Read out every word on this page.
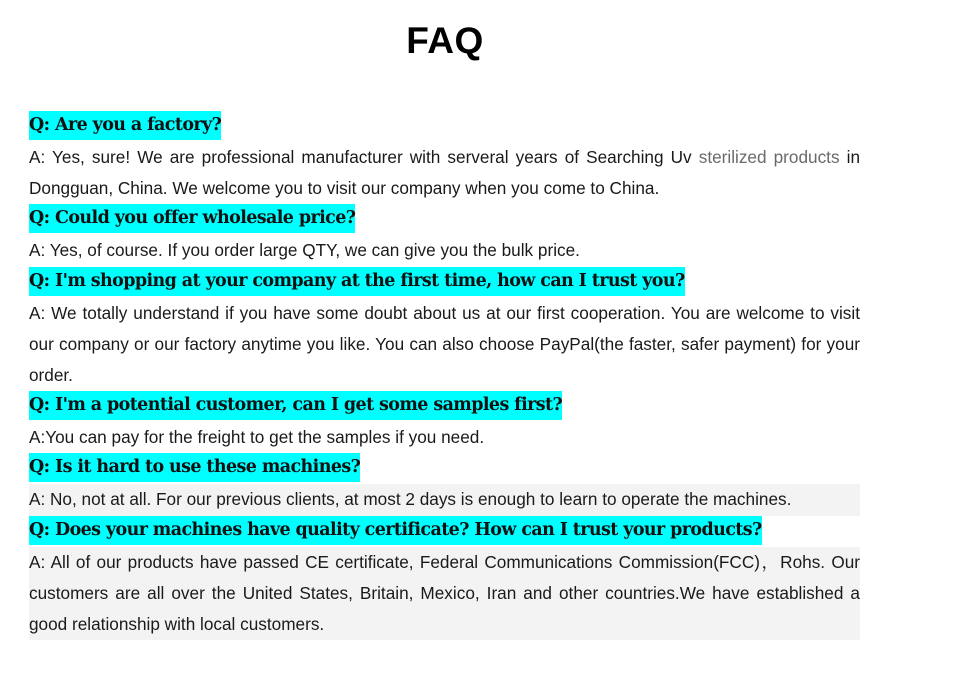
FAQ
Q: Are you a factory?

A: Yes, sure! We are professional manufacturer with serveral years of Searching Uv sterilized products in Dongguan, China. We welcome you to visit our company when you come to China.

Q: Could you offer wholesale price?

A: Yes, of course. If you order large QTY, we can give you the bulk price.

Q: I'm shopping at your company at the first time, how can I trust you?

A: We totally understand if you have some doubt about us at our first cooperation. You are welcome to visit our company or our factory anytime you like. You can also choose PayPal(the faster, safer payment) for your order.

Q: I'm a potential customer, can I get some samples first?

A:You can pay for the freight to get the samples if you need.

Q: Is it hard to use these machines?

A: No, not at all. For our previous clients, at most 2 days is enough to learn to operate the machines.

Q: Does your machines have quality certificate? How can I trust your products?

A: All of our products have passed CE certificate, Federal Communications Commission(FCC)，Rohs. Our customers are all over the United States, Britain, Mexico, Iran and other countries.We have established a good relationship with local customers.
